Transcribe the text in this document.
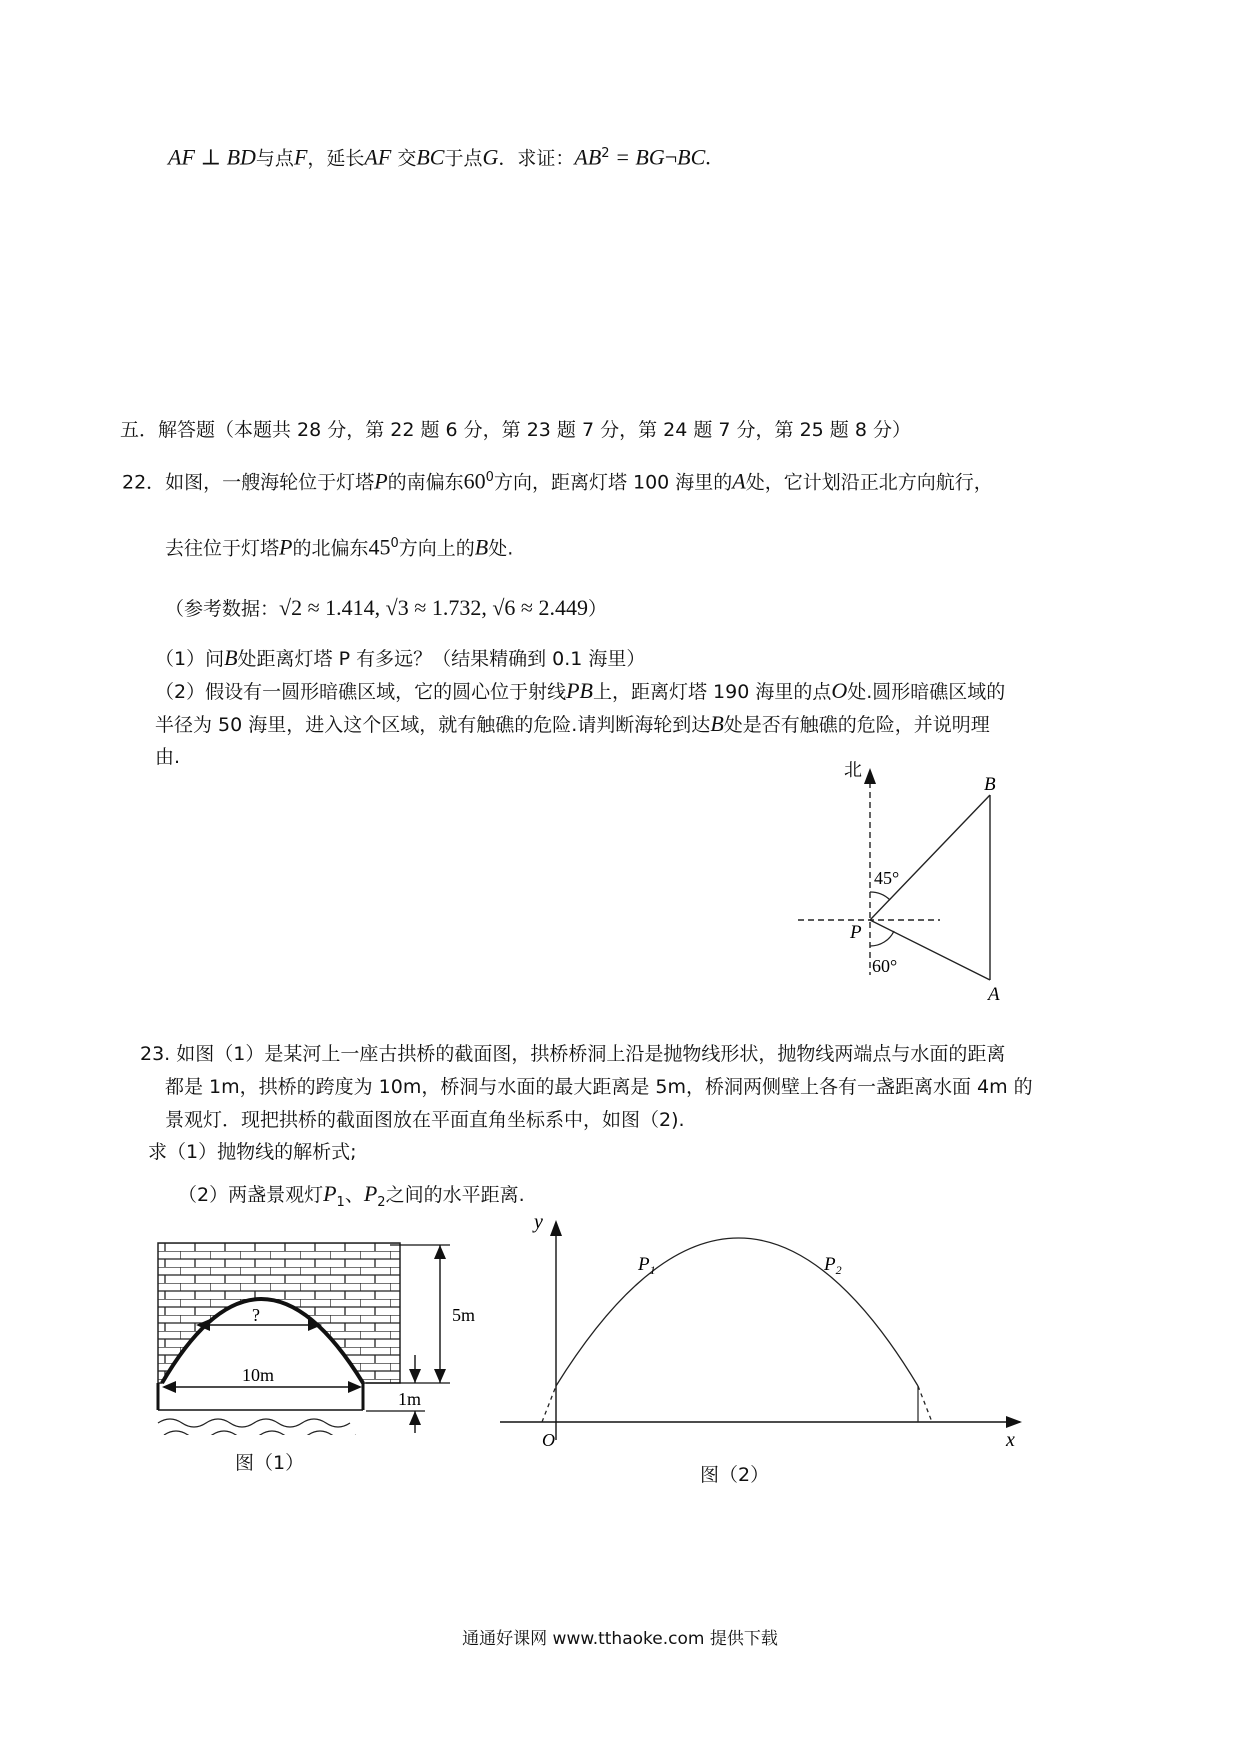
AF ⊥ BD与点F，延长AF 交BC于点G．求证：$AB^2$ = BG¬BC.
五．解答题（本题共 28 分，第 22 题 6 分，第 23 题 7 分，第 24 题 7 分，第 25 题 8 分）
22．如图，一艘海轮位于灯塔P的南偏东$60^0$方向，距离灯塔 100 海里的A处，它计划沿正北方向航行，
去往位于灯塔P的北偏东$45^0$方向上的B处.
（参考数据：√2 ≈ 1.414, √3 ≈ 1.732, √6 ≈ 2.449）
（1）问B处距离灯塔 P 有多远？（结果精确到 0.1 海里）
（2）假设有一圆形暗礁区域，它的圆心位于射线PB上，距离灯塔 190 海里的点O处.圆形暗礁区域的
半径为 50 海里，进入这个区域，就有触礁的危险.请判断海轮到达B处是否有触礁的危险，并说明理
由.
北
B
A
P
45°
60°
23. 如图（1）是某河上一座古拱桥的截面图，拱桥桥洞上沿是抛物线形状，抛物线两端点与水面的距离
都是 1m，拱桥的跨度为 10m，桥洞与水面的最大距离是 5m，桥洞两侧壁上各有一盏距离水面 4m 的
景观灯．现把拱桥的截面图放在平面直角坐标系中，如图（2).
求（1）抛物线的解析式;
（2）两盏景观灯$P_1$、$P_2$之间的水平距离.
?
10m
5m
1m
图（1）
y
x
O
$P_1$	$P_2$
图（2）
通通好课网 www.tthaoke.com 提供下载
